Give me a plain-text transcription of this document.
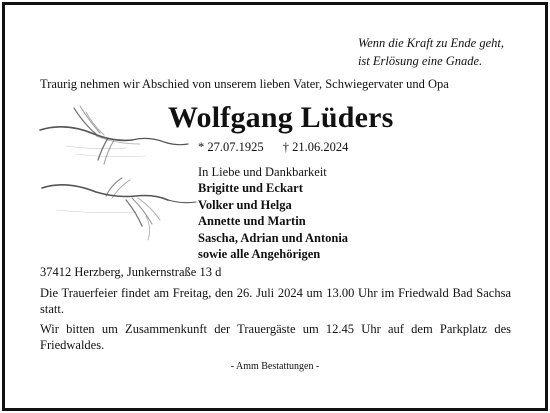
Wenn die Kraft zu Ende geht,
ist Erlösung eine Gnade.
Traurig nehmen wir Abschied von unserem lieben Vater, Schwiegervater und Opa
Wolfgang Lüders
* 27.07.1925 † 21.06.2024
In Liebe und Dankbarkeit
Brigitte und Eckart
Volker und Helga
Annette und Martin
Sascha, Adrian und Antonia
sowie alle Angehörigen
37412 Herzberg, Junkernstraße 13 d
Die Trauerfeier findet am Freitag, den 26. Juli 2024 um 13.00 Uhr im Friedwald Bad Sachsa statt.
Wir bitten um Zusammenkunft der Trauergäste um 12.45 Uhr auf dem Parkplatz des Friedwaldes.
- Amm Bestattungen -
